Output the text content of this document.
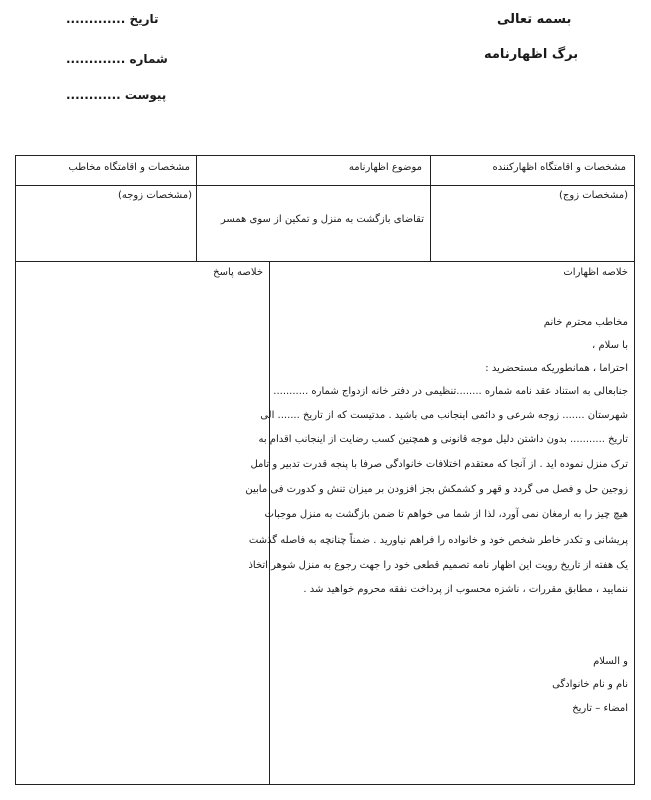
بسمه تعالی
برگ اظهارنامه
تاریخ .............
شماره .............
پیوست ............
مشخصات و اقامتگاه اظهارکننده
موضوع اظهارنامه
مشخصات و اقامتگاه مخاطب
(مشخصات زوج)
تقاضای بازگشت به منزل و تمکین از سوی همسر
(مشخصات زوجه)
خلاصه اظهارات
خلاصه پاسخ
مخاطب محترم خانم
با سلام ،
احتراما ، همانطوریکه مستحضرید :
جنابعالی به استناد عقد نامه شماره ........تنظیمی در دفتر خانه ازدواج شماره ...........
شهرستان ....... زوجه شرعی و دائمی اینجانب می باشید . مدتیست که از تاریخ ....... الی
تاریخ ........... بدون داشتن دلیل موجه قانونی و همچنین کسب رضایت از اینجانب اقدام به
ترک منزل نموده اید . از آنجا که معتقدم اختلافات خانوادگی صرفا با پنجه قدرت تدبیر و تامل
زوجین حل و فصل می گردد و قهر و کشمکش بجز افزودن بر میزان تنش و کدورت فی مابین
هیچ چیز را به ارمغان نمی آورد، لذا از شما می خواهم تا ضمن بازگشت به منزل موجبات
پریشانی و تکدر خاطر شخص خود و خانواده را فراهم نیاورید . ضمناً چنانچه به فاصله گذشت
یک هفته از تاریخ رویت این اظهار نامه تصمیم قطعی خود را جهت رجوع به منزل شوهر اتخاذ
ننمایید ، مطابق مقررات ، ناشزه محسوب از پرداخت نفقه محروم خواهید شد .
و السلام
نام و نام خانوادگی
امضاء – تاریخ
